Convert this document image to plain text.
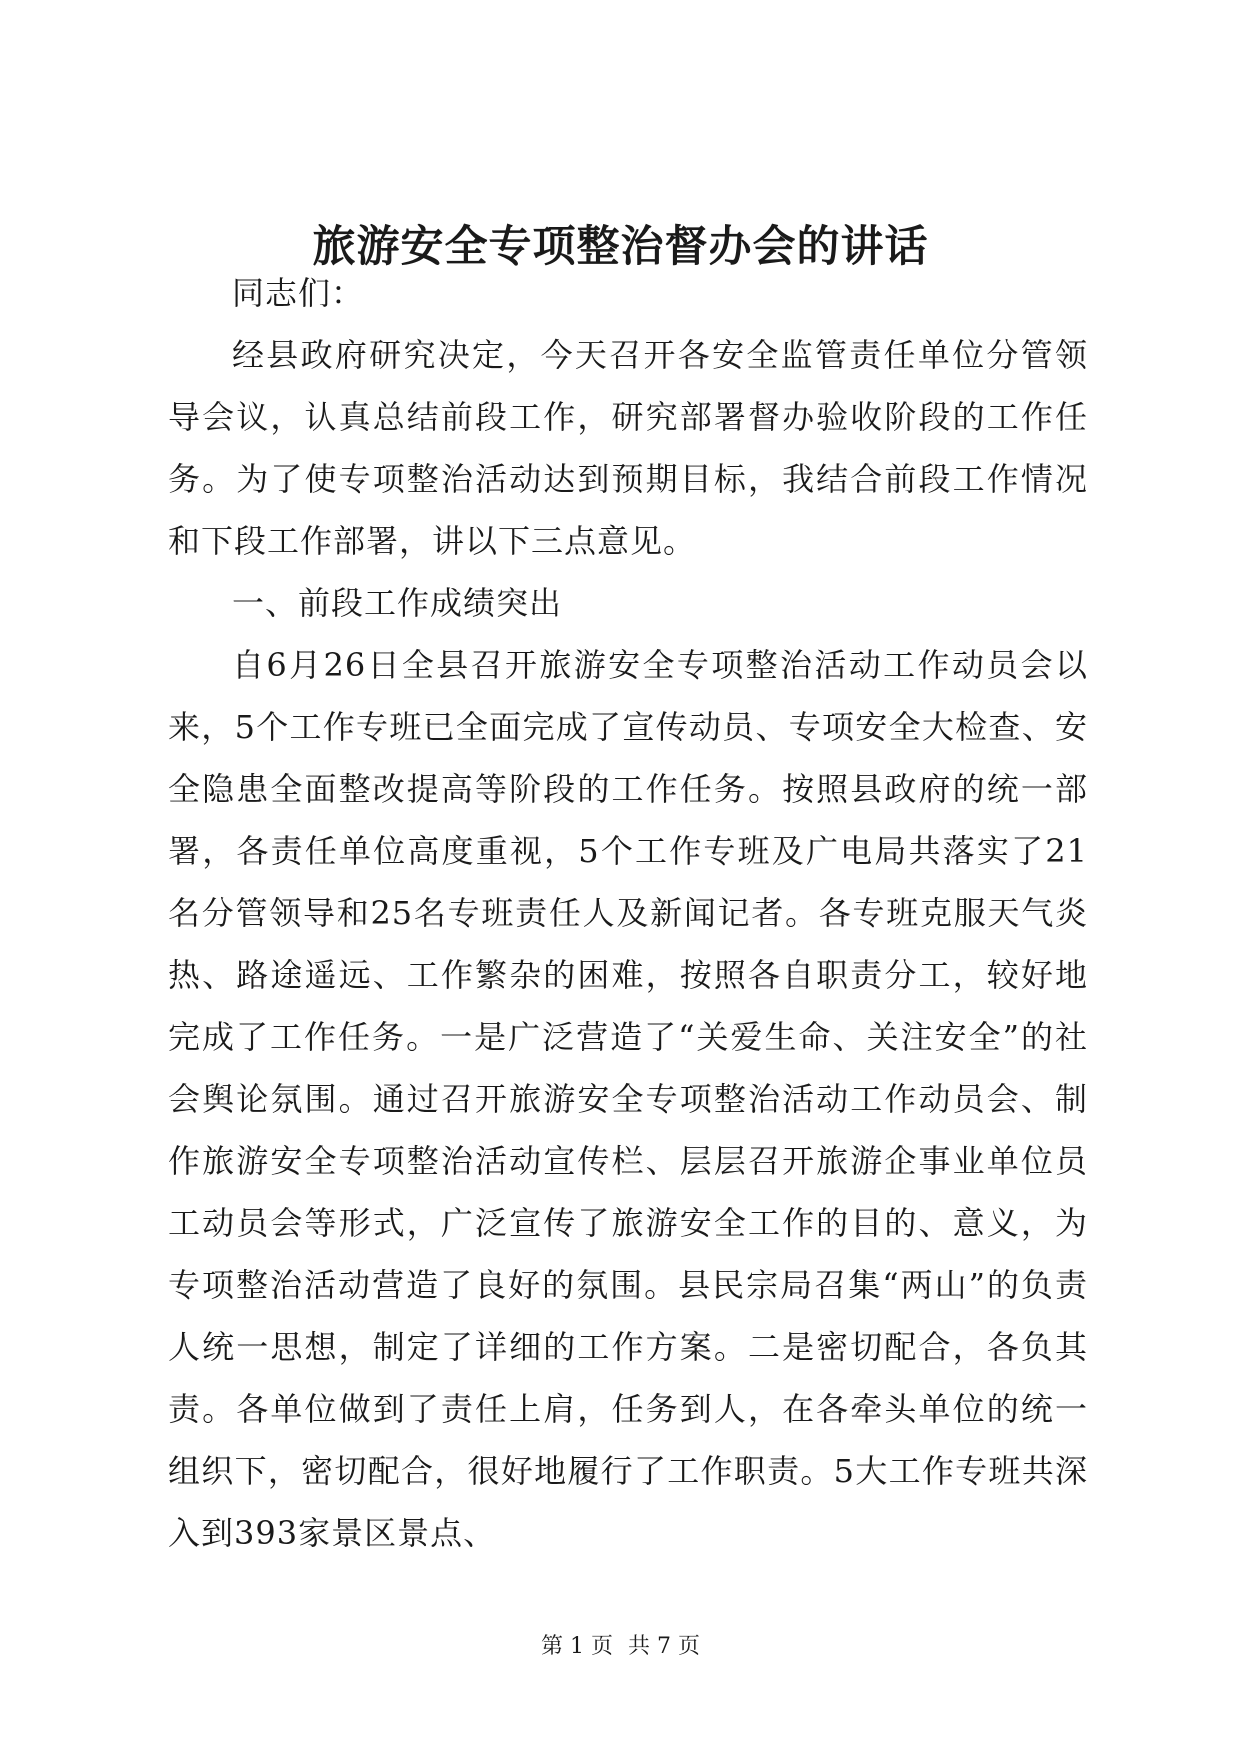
旅游安全专项整治督办会的讲话

同志们：

经县政府研究决定，今天召开各安全监管责任单位分管领导会议，认真总结前段工作，研究部署督办验收阶段的工作任务。为了使专项整治活动达到预期目标，我结合前段工作情况和下段工作部署，讲以下三点意见。

一、前段工作成绩突出

自6月26日全县召开旅游安全专项整治活动工作动员会以来，5个工作专班已全面完成了宣传动员、专项安全大检查、安全隐患全面整改提高等阶段的工作任务。按照县政府的统一部署，各责任单位高度重视，5个工作专班及广电局共落实了21名分管领导和25名专班责任人及新闻记者。各专班克服天气炎热、路途遥远、工作繁杂的困难，按照各自职责分工，较好地完成了工作任务。一是广泛营造了“关爱生命、关注安全”的社会舆论氛围。通过召开旅游安全专项整治活动工作动员会、制作旅游安全专项整治活动宣传栏、层层召开旅游企事业单位员工动员会等形式，广泛宣传了旅游安全工作的目的、意义，为专项整治活动营造了良好的氛围。县民宗局召集“两山”的负责人统一思想，制定了详细的工作方案。二是密切配合，各负其责。各单位做到了责任上肩，任务到人，在各牵头单位的统一组织下，密切配合，很好地履行了工作职责。5大工作专班共深入到393家景区景点、

第 1 页 共 7 页
